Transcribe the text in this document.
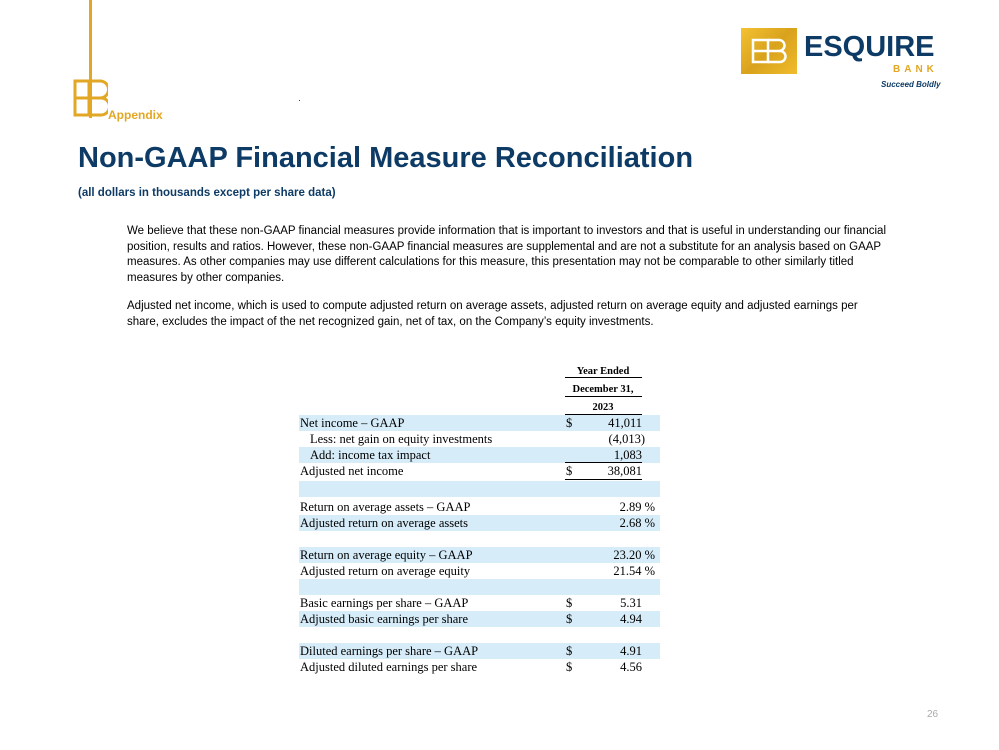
Appendix
ESQUIRE
BANK
Succeed Boldly
Non-GAAP Financial Measure Reconciliation
(all dollars in thousands except per share data)
We believe that these non-GAAP financial measures provide information that is important to investors and that is useful in understanding our financial position, results and ratios. However, these non-GAAP financial measures are supplemental and are not a substitute for an analysis based on GAAP measures. As other companies may use different calculations for this measure, this presentation may not be comparable to other similarly titled measures by other companies.
Adjusted net income, which is used to compute adjusted return on average assets, adjusted return on average equity and adjusted earnings per share, excludes the impact of the net recognized gain, net of tax, on the Company’s equity investments.
Year Ended
December 31,
2023
Net income – GAAP	$	41,011
Less: net gain on equity investments	(4,013)
Add: income tax impact	1,083
Adjusted net income	$	38,081
Return on average assets – GAAP	2.89 %
Adjusted return on average assets	2.68 %
Return on average equity – GAAP	23.20 %
Adjusted return on average equity	21.54 %
Basic earnings per share – GAAP	$	5.31
Adjusted basic earnings per share	$	4.94
Diluted earnings per share – GAAP	$	4.91
Adjusted diluted earnings per share	$	4.56
26
